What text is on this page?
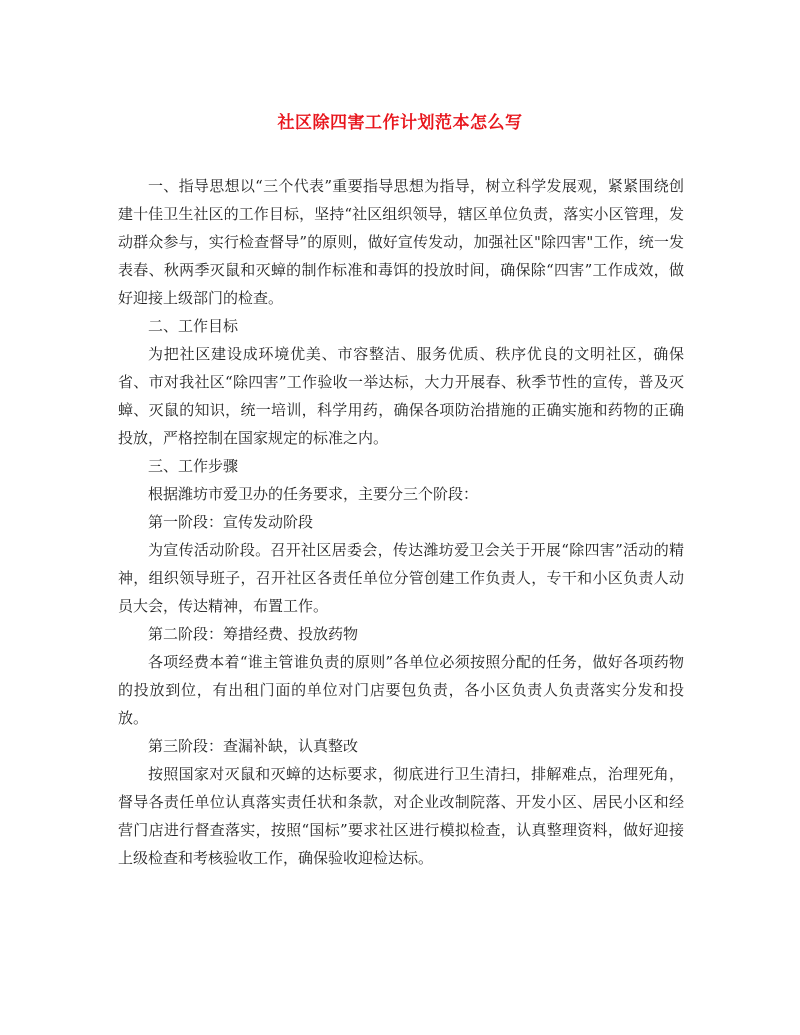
社区除四害工作计划范本怎么写

一、指导思想以“三个代表”重要指导思想为指导，树立科学发展观，紧紧围绕创建十佳卫生社区的工作目标，坚持“社区组织领导，辖区单位负责，落实小区管理，发动群众参与，实行检查督导”的原则，做好宣传发动，加强社区"除四害"工作，统一发表春、秋两季灭鼠和灭蟑的制作标准和毒饵的投放时间，确保除“四害”工作成效，做好迎接上级部门的检查。

二、工作目标

为把社区建设成环境优美、市容整洁、服务优质、秩序优良的文明社区，确保省、市对我社区“除四害”工作验收一举达标，大力开展春、秋季节性的宣传，普及灭蟑、灭鼠的知识，统一培训，科学用药，确保各项防治措施的正确实施和药物的正确投放，严格控制在国家规定的标准之内。

三、工作步骤

根据潍坊市爱卫办的任务要求，主要分三个阶段：

第一阶段：宣传发动阶段

为宣传活动阶段。召开社区居委会，传达潍坊爱卫会关于开展“除四害”活动的精神，组织领导班子，召开社区各责任单位分管创建工作负责人，专干和小区负责人动员大会，传达精神，布置工作。

第二阶段：筹措经费、投放药物

各项经费本着“谁主管谁负责的原则”各单位必须按照分配的任务，做好各项药物的投放到位，有出租门面的单位对门店要包负责，各小区负责人负责落实分发和投放。

第三阶段：查漏补缺，认真整改

按照国家对灭鼠和灭蟑的达标要求，彻底进行卫生清扫，排解难点，治理死角，督导各责任单位认真落实责任状和条款，对企业改制院落、开发小区、居民小区和经营门店进行督查落实，按照“国标”要求社区进行模拟检查，认真整理资料，做好迎接上级检查和考核验收工作，确保验收迎检达标。
